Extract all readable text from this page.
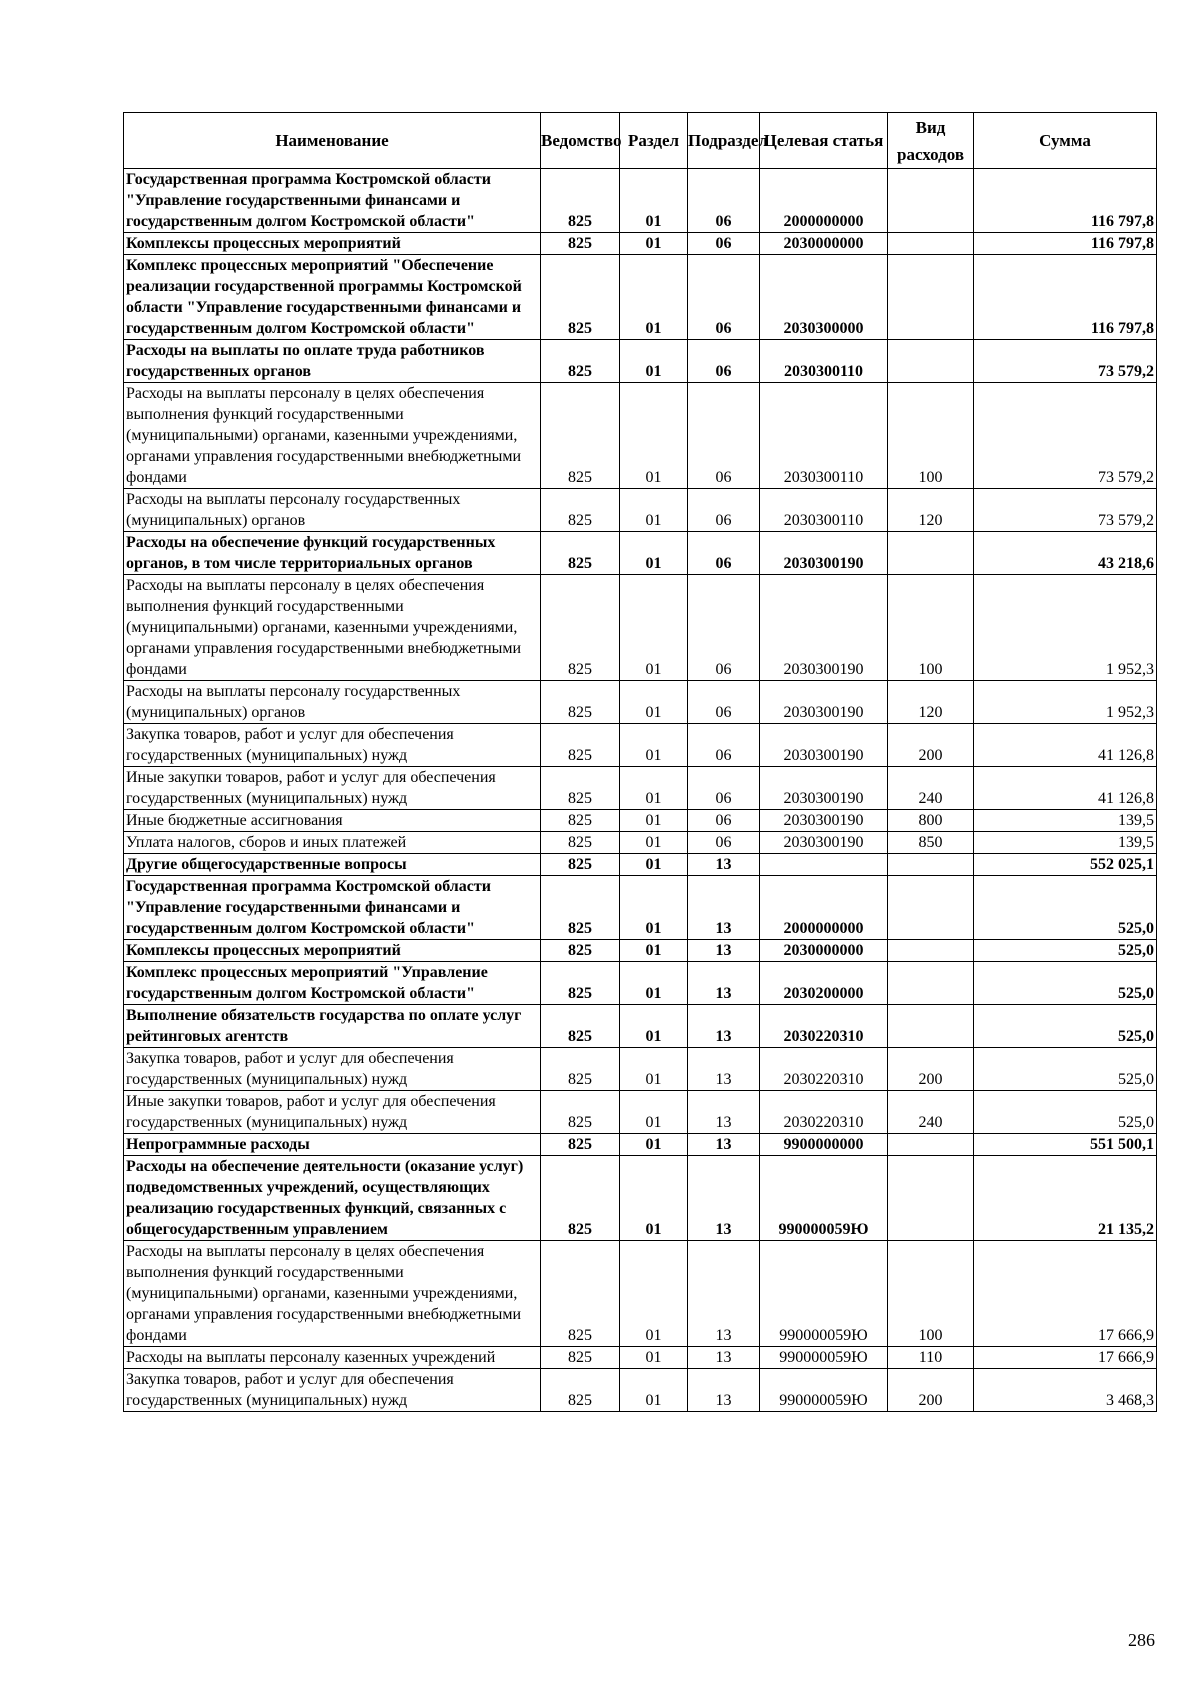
Наименование	Ведомство	Раздел	Подраздел	Целевая статья	Вид расходов	Сумма
Государственная программа Костромской области "Управление государственными финансами и государственным долгом Костромской области"	825	01	06	2000000000		116 797,8
Комплексы процессных мероприятий	825	01	06	2030000000		116 797,8
Комплекс процессных мероприятий "Обеспечение реализации государственной программы Костромской области "Управление государственными финансами и государственным долгом Костромской области"	825	01	06	2030300000		116 797,8
Расходы на выплаты по оплате труда работников государственных органов	825	01	06	2030300110		73 579,2
Расходы на выплаты персоналу в целях обеспечения выполнения функций государственными (муниципальными) органами, казенными учреждениями, органами управления государственными внебюджетными фондами	825	01	06	2030300110	100	73 579,2
Расходы на выплаты персоналу государственных (муниципальных) органов	825	01	06	2030300110	120	73 579,2
Расходы на обеспечение функций государственных органов, в том числе территориальных органов	825	01	06	2030300190		43 218,6
Расходы на выплаты персоналу в целях обеспечения выполнения функций государственными (муниципальными) органами, казенными учреждениями, органами управления государственными внебюджетными фондами	825	01	06	2030300190	100	1 952,3
Расходы на выплаты персоналу государственных (муниципальных) органов	825	01	06	2030300190	120	1 952,3
Закупка товаров, работ и услуг для обеспечения государственных (муниципальных) нужд	825	01	06	2030300190	200	41 126,8
Иные закупки товаров, работ и услуг для обеспечения государственных (муниципальных) нужд	825	01	06	2030300190	240	41 126,8
Иные бюджетные ассигнования	825	01	06	2030300190	800	139,5
Уплата налогов, сборов и иных платежей	825	01	06	2030300190	850	139,5
Другие общегосударственные вопросы	825	01	13			552 025,1
Государственная программа Костромской области "Управление государственными финансами и государственным долгом Костромской области"	825	01	13	2000000000		525,0
Комплексы процессных мероприятий	825	01	13	2030000000		525,0
Комплекс процессных мероприятий "Управление государственным долгом Костромской области"	825	01	13	2030200000		525,0
Выполнение обязательств государства по оплате услуг рейтинговых агентств	825	01	13	2030220310		525,0
Закупка товаров, работ и услуг для обеспечения государственных (муниципальных) нужд	825	01	13	2030220310	200	525,0
Иные закупки товаров, работ и услуг для обеспечения государственных (муниципальных) нужд	825	01	13	2030220310	240	525,0
Непрограммные расходы	825	01	13	9900000000		551 500,1
Расходы на обеспечение деятельности (оказание услуг) подведомственных учреждений, осуществляющих реализацию государственных функций, связанных с общегосударственным управлением	825	01	13	990000059Ю		21 135,2
Расходы на выплаты персоналу в целях обеспечения выполнения функций государственными (муниципальными) органами, казенными учреждениями, органами управления государственными внебюджетными фондами	825	01	13	990000059Ю	100	17 666,9
Расходы на выплаты персоналу казенных учреждений	825	01	13	990000059Ю	110	17 666,9
Закупка товаров, работ и услуг для обеспечения государственных (муниципальных) нужд	825	01	13	990000059Ю	200	3 468,3
286
